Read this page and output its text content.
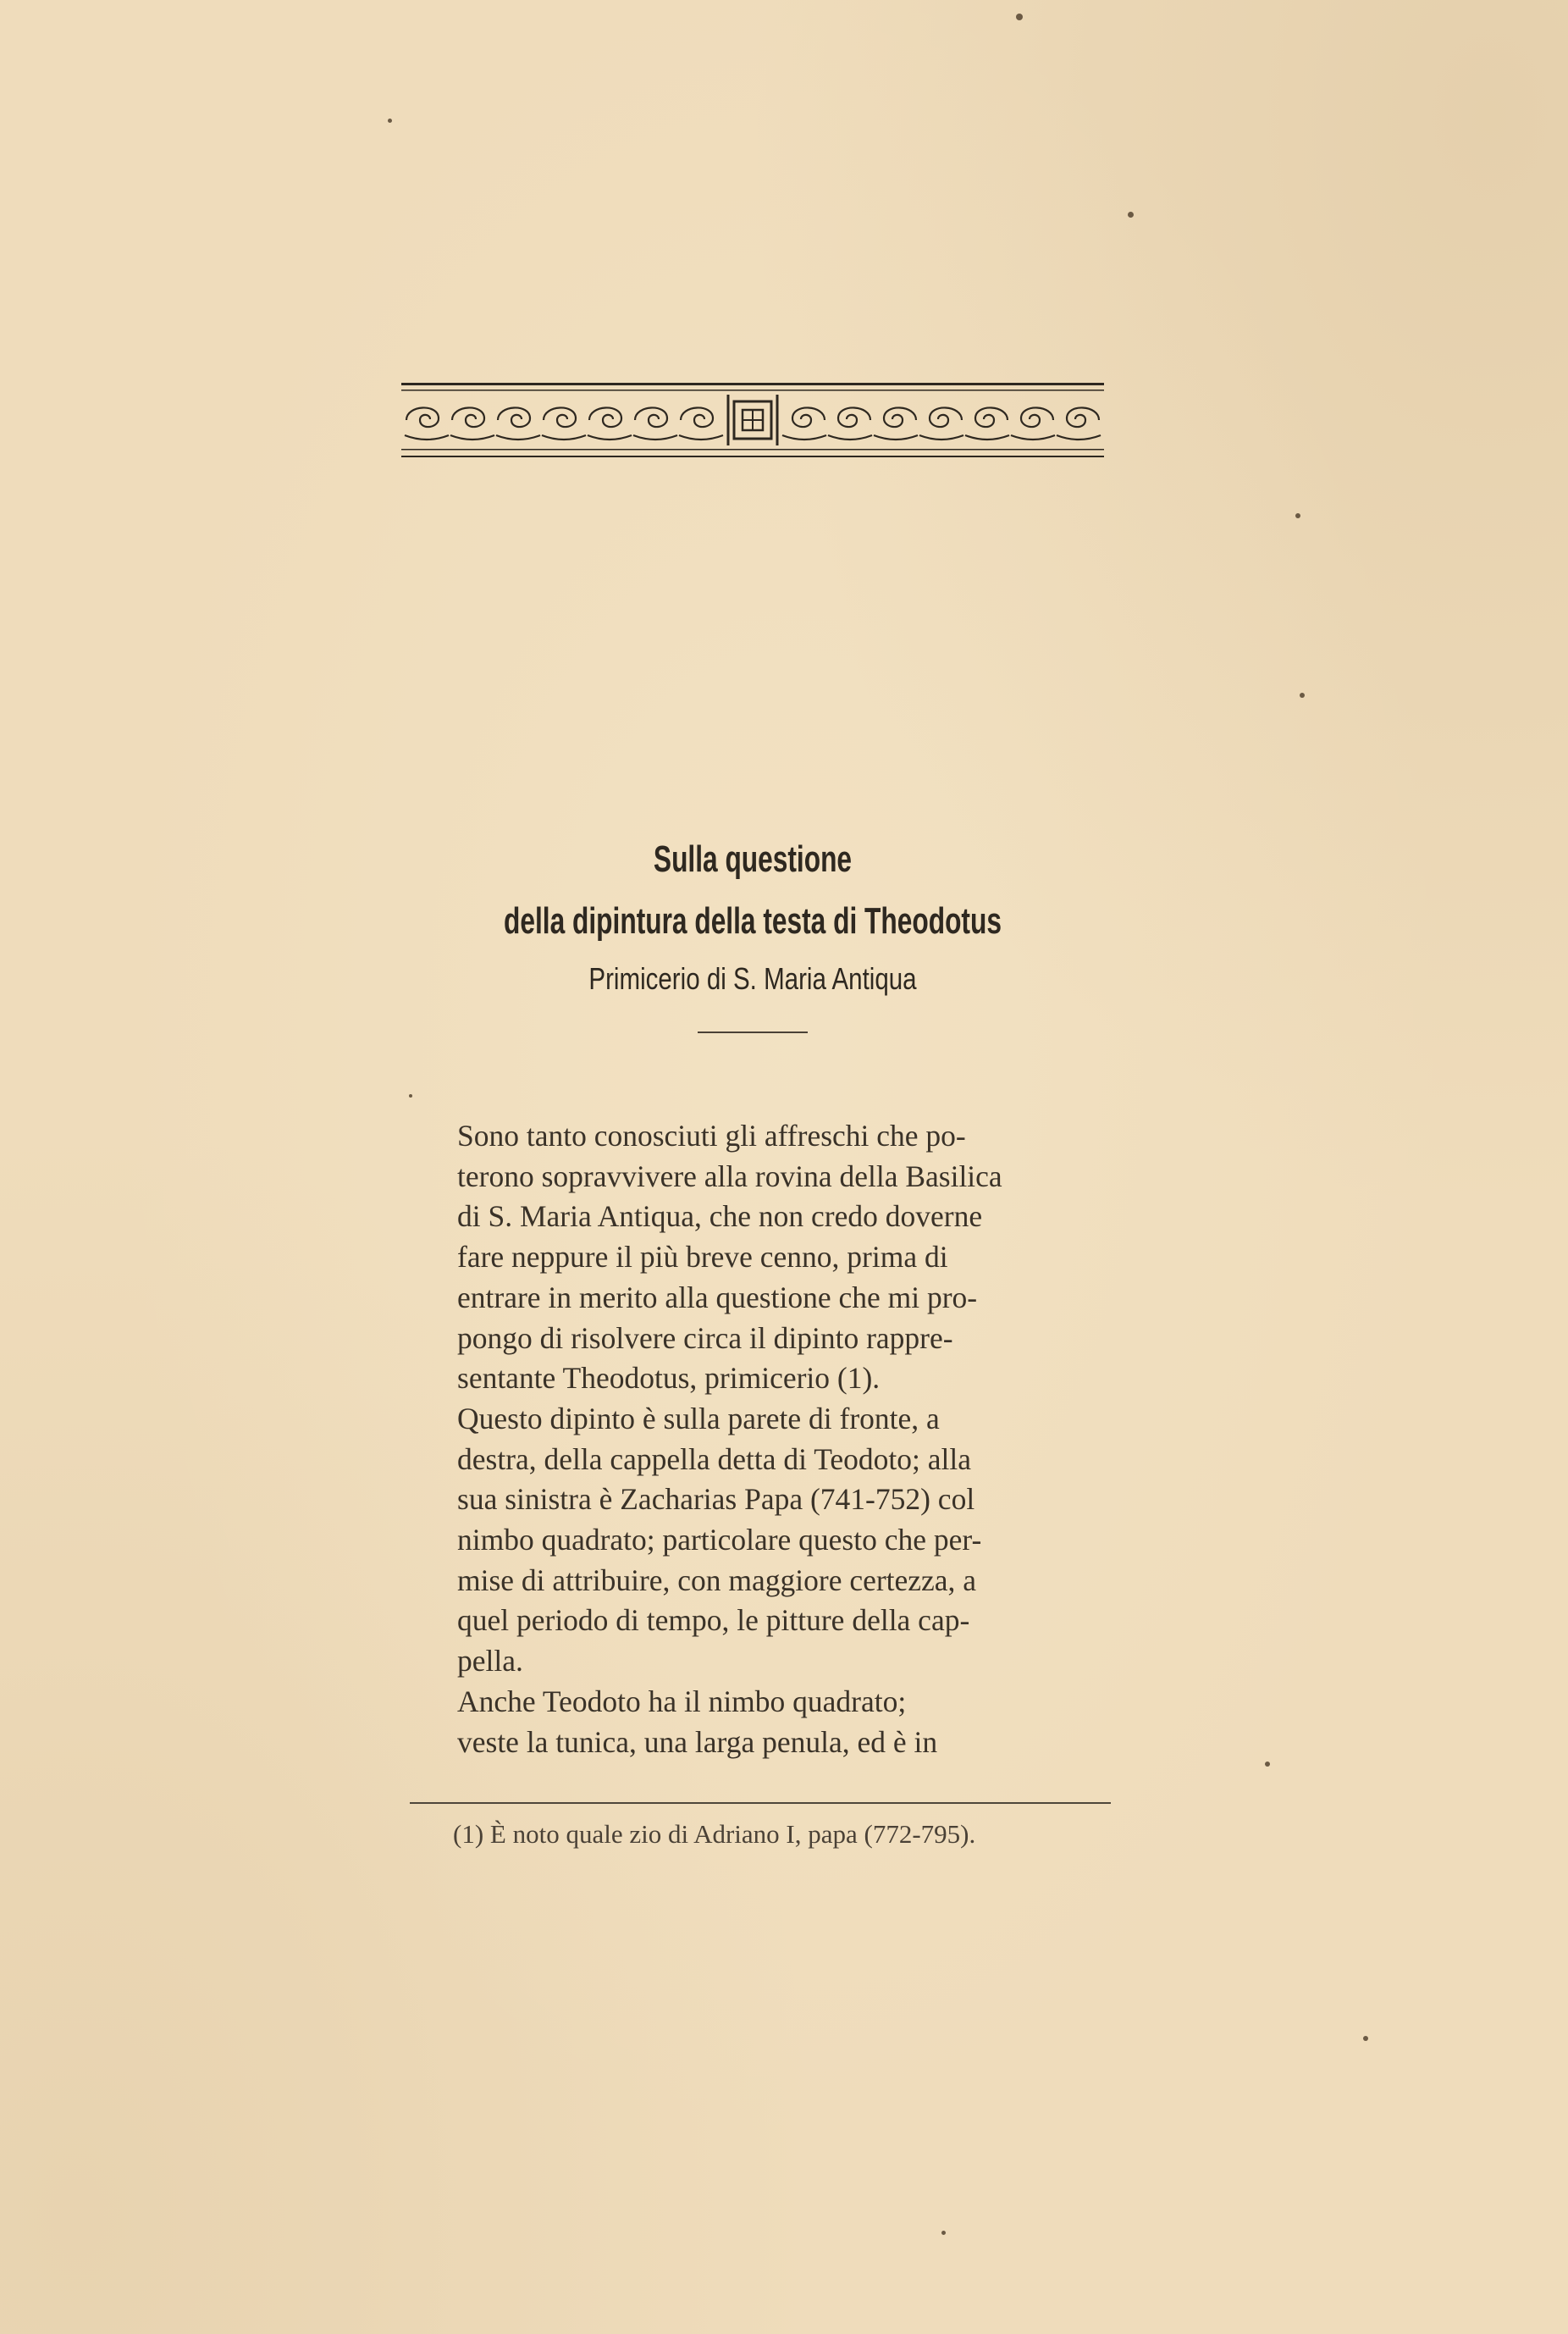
Sulla questione
della dipintura della testa di Theodotus
Primicerio di S. Maria Antiqua

Sono tanto conosciuti gli affreschi che po-
terono sopravvivere alla rovina della Basilica
di S. Maria Antiqua, che non credo doverne
fare neppure il più breve cenno, prima di
entrare in merito alla questione che mi pro-
pongo di risolvere circa il dipinto rappre-
sentante Theodotus, primicerio (1).

Questo dipinto è sulla parete di fronte, a
destra, della cappella detta di Teodoto; alla
sua sinistra è Zacharias Papa (741-752) col
nimbo quadrato; particolare questo che per-
mise di attribuire, con maggiore certezza, a
quel periodo di tempo, le pitture della cap-
pella.

Anche Teodoto ha il nimbo quadrato;
veste la tunica, una larga penula, ed è in

(1) È noto quale zio di Adriano I, papa (772-795).
